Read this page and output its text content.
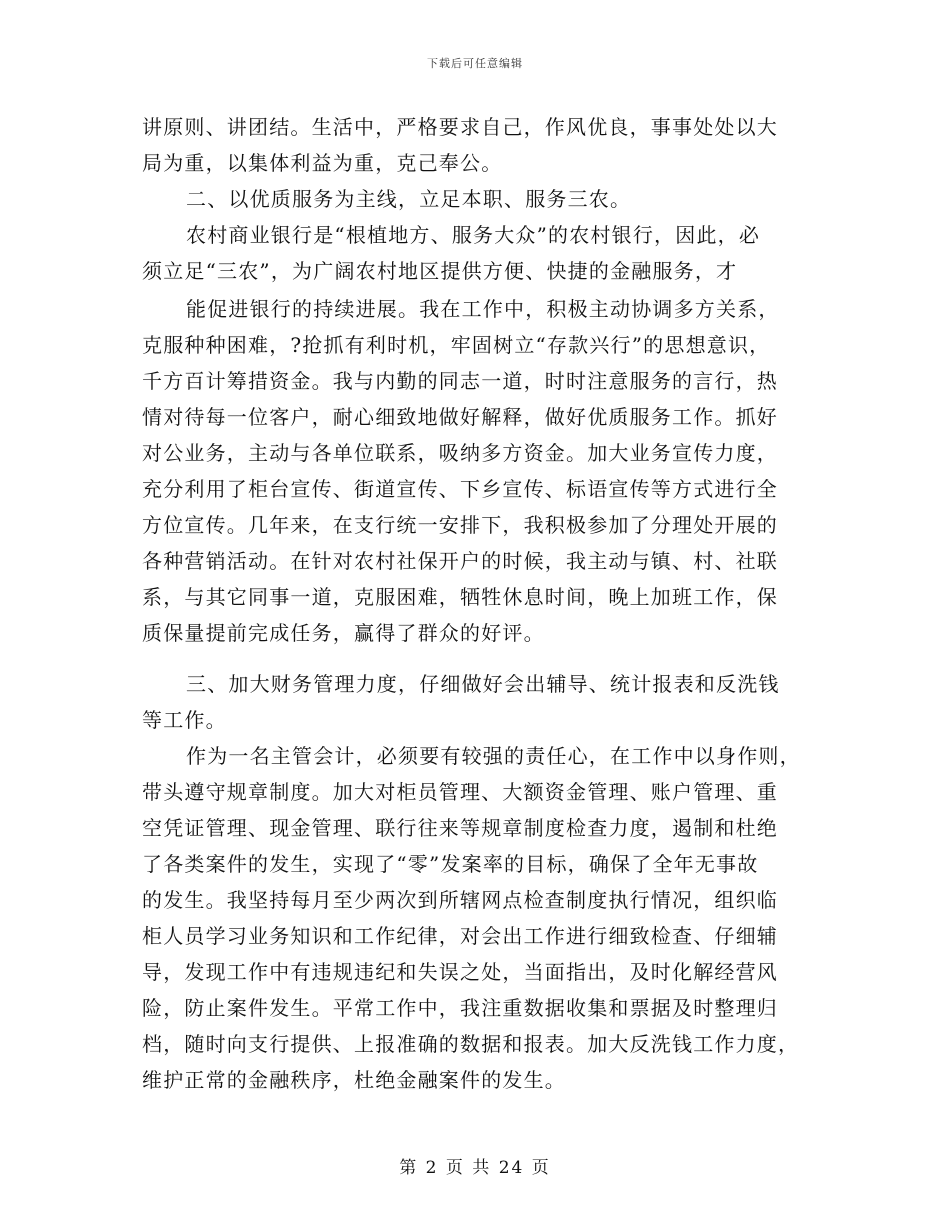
下载后可任意编辑
讲原则、讲团结。生活中，严格要求自己，作风优良，事事处处以大
局为重，以集体利益为重，克己奉公。
二、以优质服务为主线，立足本职、服务三农。
农村商业银行是“根植地方、服务大众”的农村银行，因此，必
须立足“三农”，为广阔农村地区提供方便、快捷的金融服务，才
能促进银行的持续进展。我在工作中，积极主动协调多方关系，
克服种种困难，?抢抓有利时机，牢固树立“存款兴行”的思想意识，
千方百计筹措资金。我与内勤的同志一道，时时注意服务的言行，热
情对待每一位客户，耐心细致地做好解释，做好优质服务工作。抓好
对公业务，主动与各单位联系，吸纳多方资金。加大业务宣传力度，
充分利用了柜台宣传、街道宣传、下乡宣传、标语宣传等方式进行全
方位宣传。几年来，在支行统一安排下，我积极参加了分理处开展的
各种营销活动。在针对农村社保开户的时候，我主动与镇、村、社联
系，与其它同事一道，克服困难，牺牲休息时间，晚上加班工作，保
质保量提前完成任务，赢得了群众的好评。
三、加大财务管理力度，仔细做好会出辅导、统计报表和反洗钱
等工作。
作为一名主管会计，必须要有较强的责任心，在工作中以身作则，
带头遵守规章制度。加大对柜员管理、大额资金管理、账户管理、重
空凭证管理、现金管理、联行往来等规章制度检查力度，遏制和杜绝
了各类案件的发生，实现了“零”发案率的目标，确保了全年无事故
的发生。我坚持每月至少两次到所辖网点检查制度执行情况，组织临
柜人员学习业务知识和工作纪律，对会出工作进行细致检查、仔细辅
导，发现工作中有违规违纪和失误之处，当面指出，及时化解经营风
险，防止案件发生。平常工作中，我注重数据收集和票据及时整理归
档，随时向支行提供、上报准确的数据和报表。加大反洗钱工作力度，
维护正常的金融秩序，杜绝金融案件的发生。
第 2 页 共 24 页
